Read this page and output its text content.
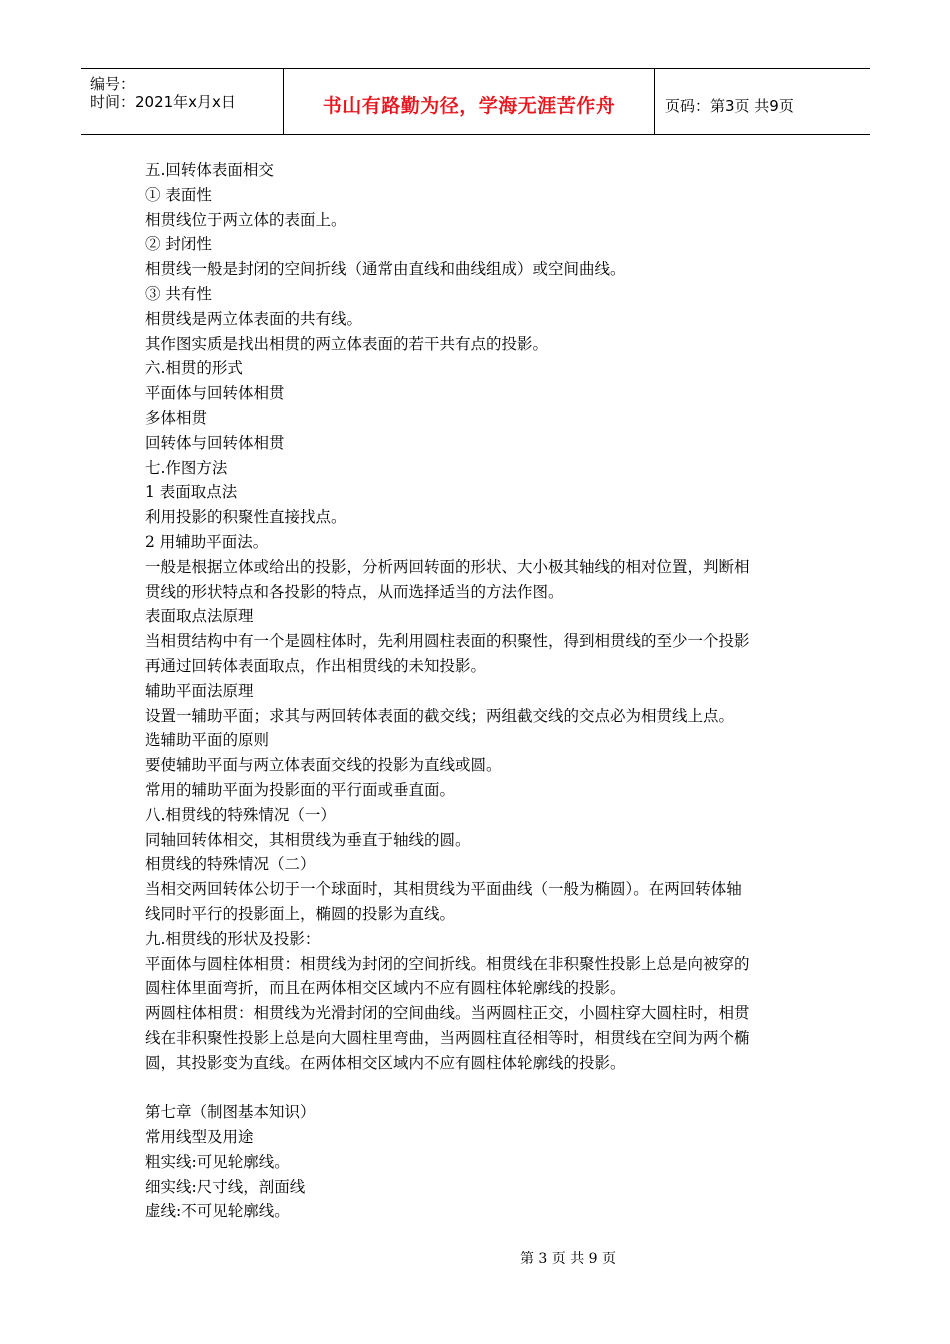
编号：
时间：2021年x月x日	书山有路勤为径，学海无涯苦作舟	页码：第3页 共9页

五.回转体表面相交

① 表面性

相贯线位于两立体的表面上。

② 封闭性

相贯线一般是封闭的空间折线（通常由直线和曲线组成）或空间曲线。

③ 共有性

相贯线是两立体表面的共有线。

其作图实质是找出相贯的两立体表面的若干共有点的投影。

六.相贯的形式

平面体与回转体相贯

多体相贯

回转体与回转体相贯

七.作图方法

1 表面取点法

利用投影的积聚性直接找点。

2 用辅助平面法。

一般是根据立体或给出的投影，分析两回转面的形状、大小极其轴线的相对位置，判断相

贯线的形状特点和各投影的特点，从而选择适当的方法作图。

表面取点法原理

当相贯结构中有一个是圆柱体时，先利用圆柱表面的积聚性，得到相贯线的至少一个投影

再通过回转体表面取点，作出相贯线的未知投影。

辅助平面法原理

设置一辅助平面；求其与两回转体表面的截交线；两组截交线的交点必为相贯线上点。

选辅助平面的原则

要使辅助平面与两立体表面交线的投影为直线或圆。

常用的辅助平面为投影面的平行面或垂直面。

八.相贯线的特殊情况（一）

同轴回转体相交，其相贯线为垂直于轴线的圆。

相贯线的特殊情况（二）

当相交两回转体公切于一个球面时，其相贯线为平面曲线（一般为椭圆）。在两回转体轴

线同时平行的投影面上，椭圆的投影为直线。

九.相贯线的形状及投影：

平面体与圆柱体相贯：相贯线为封闭的空间折线。相贯线在非积聚性投影上总是向被穿的

圆柱体里面弯折，而且在两体相交区域内不应有圆柱体轮廓线的投影。

两圆柱体相贯：相贯线为光滑封闭的空间曲线。当两圆柱正交，小圆柱穿大圆柱时，相贯

线在非积聚性投影上总是向大圆柱里弯曲，当两圆柱直径相等时，相贯线在空间为两个椭

圆，其投影变为直线。在两体相交区域内不应有圆柱体轮廓线的投影。

第七章（制图基本知识）

常用线型及用途

粗实线:可见轮廓线。

细实线:尺寸线，剖面线

虚线:不可见轮廓线。

第 3 页 共 9 页
